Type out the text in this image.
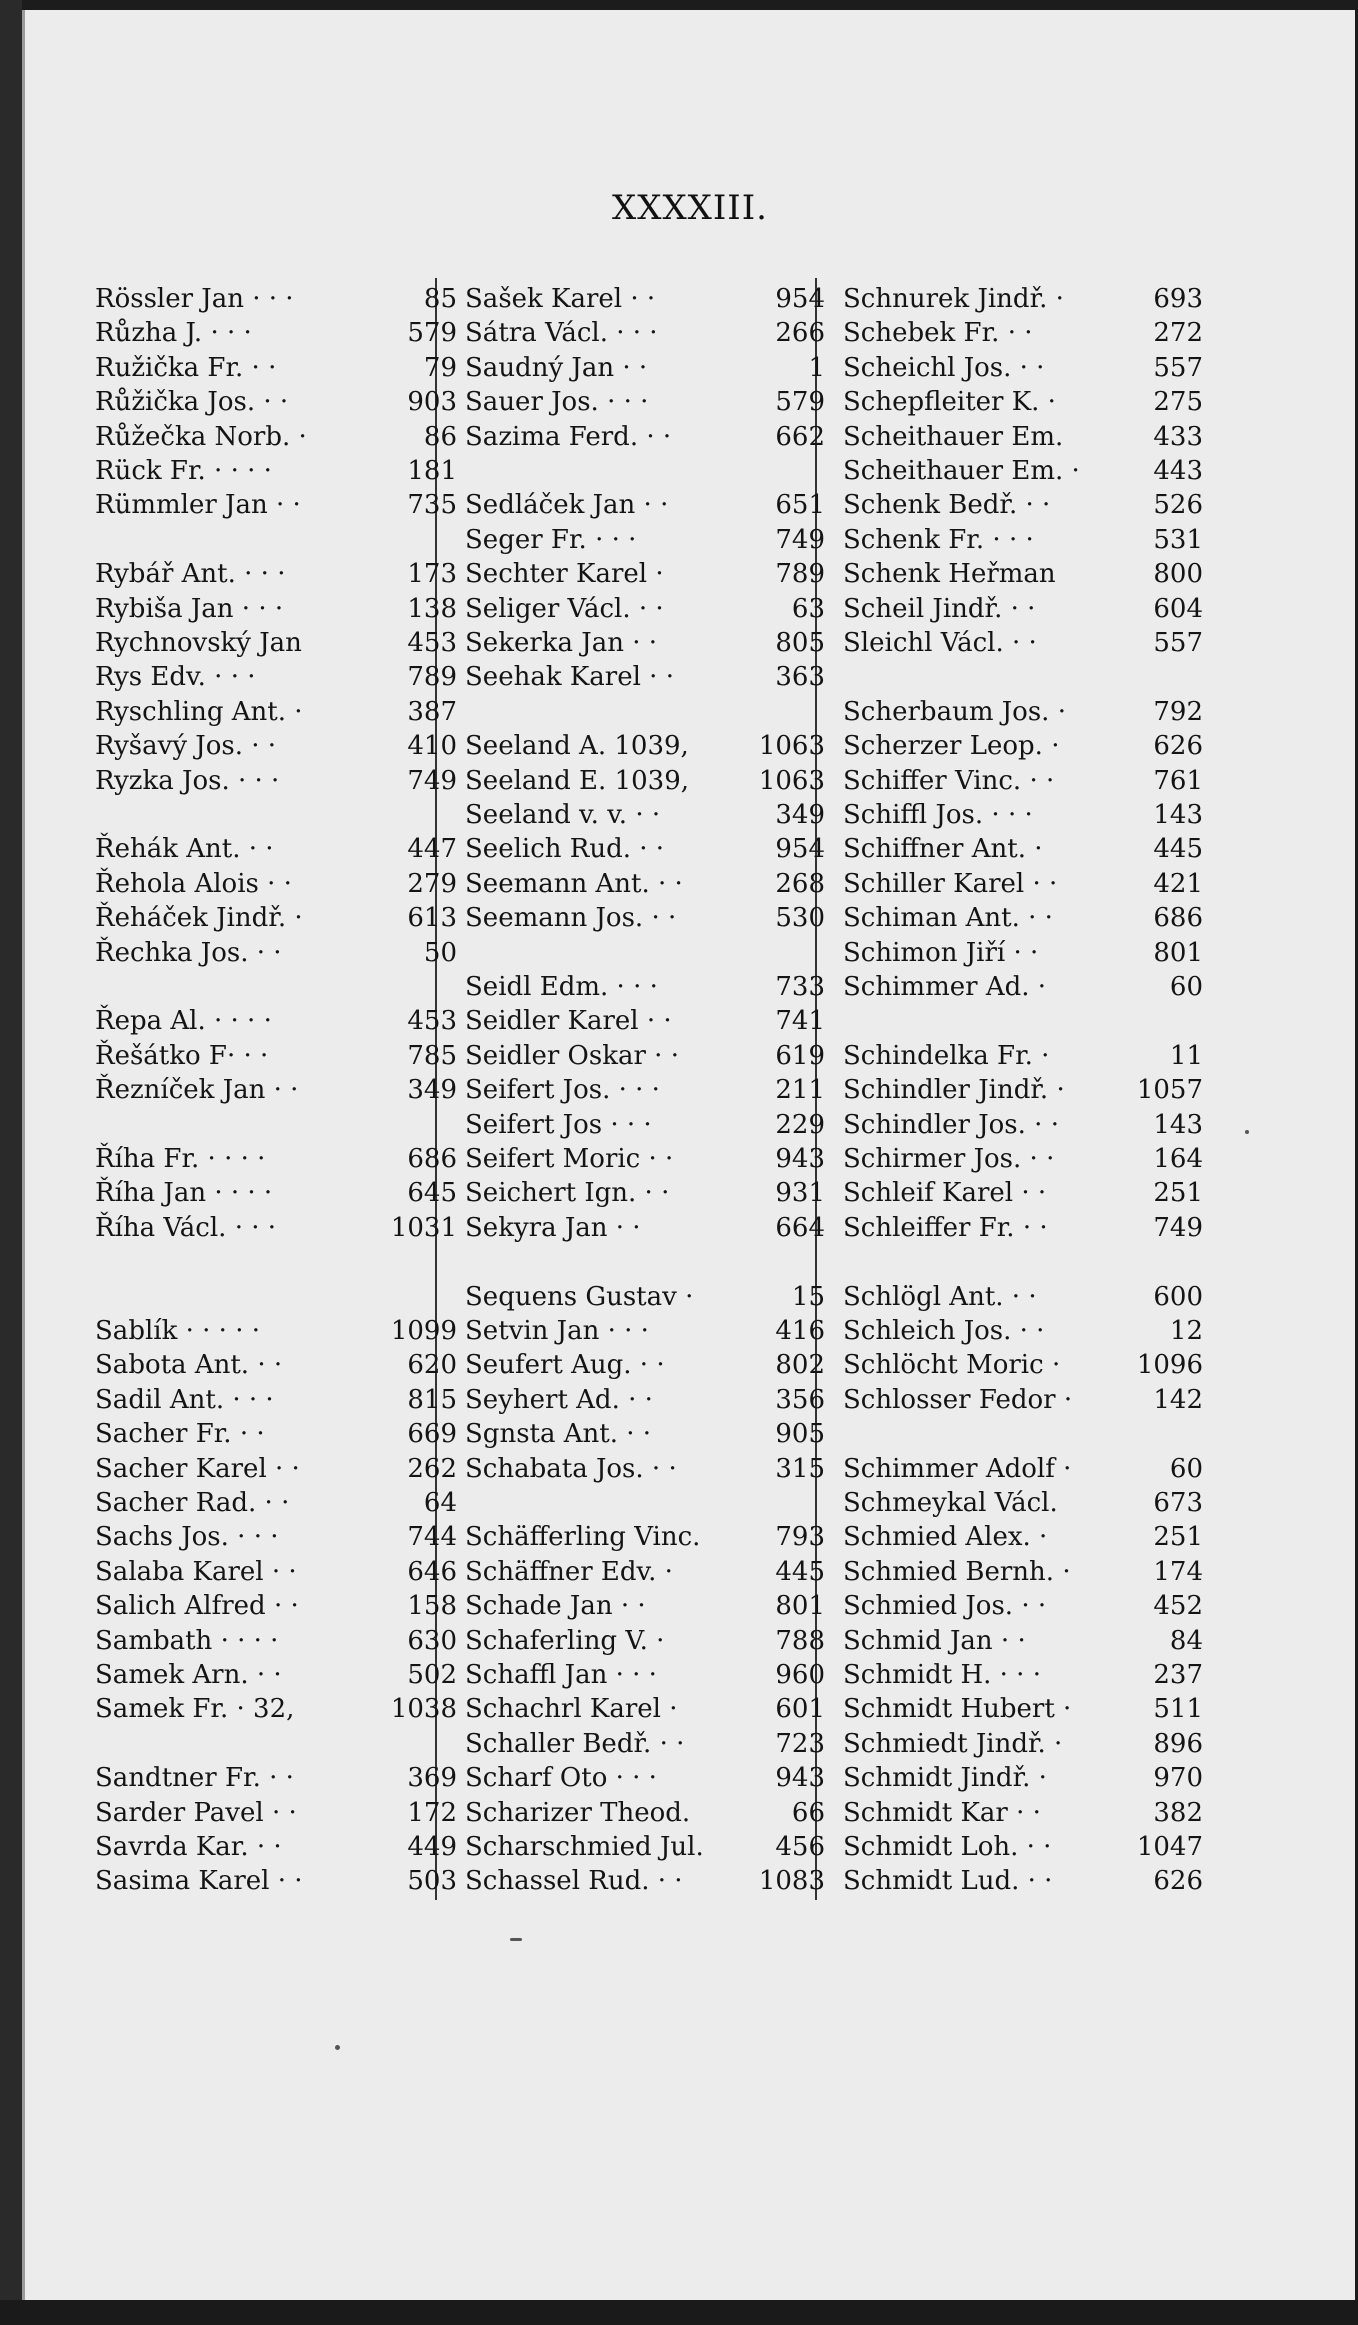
XXXXIII.
Rössler Jan · · ·	85
Růzha J. · · ·	579
Ružička Fr. · ·	79
Růžička Jos. · ·	903
Růžečka Norb. ·	86
Rück Fr. · · · ·	181
Rümmler Jan · ·	735
Rybář Ant. · · ·	173
Rybiša Jan · · ·	138
Rychnovský Jan	453
Rys Edv. · · ·	789
Ryschling Ant. ·	387
Ryšavý Jos. · ·	410
Ryzka Jos. · · ·	749
Řehák Ant. · ·	447
Řehola Alois · ·	279
Řeháček Jindř. ·	613
Řechka Jos. · ·	50
Řepa Al. · · · ·	453
Řešátko F· · ·	785
Řezníček Jan · ·	349
Říha Fr. · · · ·	686
Říha Jan · · · ·	645
Říha Václ. · · ·	1031
Sablík · · · · ·	1099
Sabota Ant. · ·	620
Sadil Ant. · · ·	815
Sacher Fr. · ·	669
Sacher Karel · ·	262
Sacher Rad. · ·	64
Sachs Jos. · · ·	744
Salaba Karel · ·	646
Salich Alfred · ·	158
Sambath · · · ·	630
Samek Arn. · ·	502
Samek Fr. · 32,	1038
Sandtner Fr. · ·	369
Sarder Pavel · ·	172
Savrda Kar. · ·	449
Sasima Karel · ·	503
Sašek Karel · ·	954
Sátra Václ. · · ·	266
Saudný Jan · ·	1
Sauer Jos. · · ·	579
Sazima Ferd. · ·	662
Sedláček Jan · ·	651
Seger Fr. · · ·	749
Sechter Karel ·	789
Seliger Václ. · ·	63
Sekerka Jan · ·	805
Seehak Karel · ·	363
Seeland A. 1039,	1063
Seeland E. 1039,	1063
Seeland v. v. · ·	349
Seelich Rud. · ·	954
Seemann Ant. · ·	268
Seemann Jos. · ·	530
Seidl Edm. · · ·	733
Seidler Karel · ·	741
Seidler Oskar · ·	619
Seifert Jos. · · ·	211
Seifert Jos · · ·	229
Seifert Moric · ·	943
Seichert Ign. · ·	931
Sekyra Jan · ·	664
Sequens Gustav ·	15
Setvin Jan · · ·	416
Seufert Aug. · ·	802
Seyhert Ad. · ·	356
Sgnsta Ant. · ·	905
Schabata Jos. · ·	315
Schäfferling Vinc.	793
Schäffner Edv. ·	445
Schade Jan · ·	801
Schaferling V. ·	788
Schaffl Jan · · ·	960
Schachrl Karel ·	601
Schaller Bedř. · ·	723
Scharf Oto · · ·	943
Scharizer Theod.	66
Scharschmied Jul.	456
Schassel Rud. · ·	1083
Schnurek Jindř. ·	693
Schebek Fr. · ·	272
Scheichl Jos. · ·	557
Schepfleiter K. ·	275
Scheithauer Em.	433
Scheithauer Em. ·	443
Schenk Bedř. · ·	526
Schenk Fr. · · ·	531
Schenk Heřman	800
Scheil Jindř. · ·	604
Sleichl Václ. · ·	557
Scherbaum Jos. ·	792
Scherzer Leop. ·	626
Schiffer Vinc. · ·	761
Schiffl Jos. · · ·	143
Schiffner Ant. ·	445
Schiller Karel · ·	421
Schiman Ant. · ·	686
Schimon Jiří · ·	801
Schimmer Ad. ·	60
Schindelka Fr. ·	11
Schindler Jindř. ·	1057
Schindler Jos. · ·	143
Schirmer Jos. · ·	164
Schleif Karel · ·	251
Schleiffer Fr. · ·	749
Schlögl Ant. · ·	600
Schleich Jos. · ·	12
Schlöcht Moric ·	1096
Schlosser Fedor ·	142
Schimmer Adolf ·	60
Schmeykal Václ.	673
Schmied Alex. ·	251
Schmied Bernh. ·	174
Schmied Jos. · ·	452
Schmid Jan · ·	84
Schmidt H. · · ·	237
Schmidt Hubert ·	511
Schmiedt Jindř. ·	896
Schmidt Jindř. ·	970
Schmidt Kar · ·	382
Schmidt Loh. · ·	1047
Schmidt Lud. · ·	626
